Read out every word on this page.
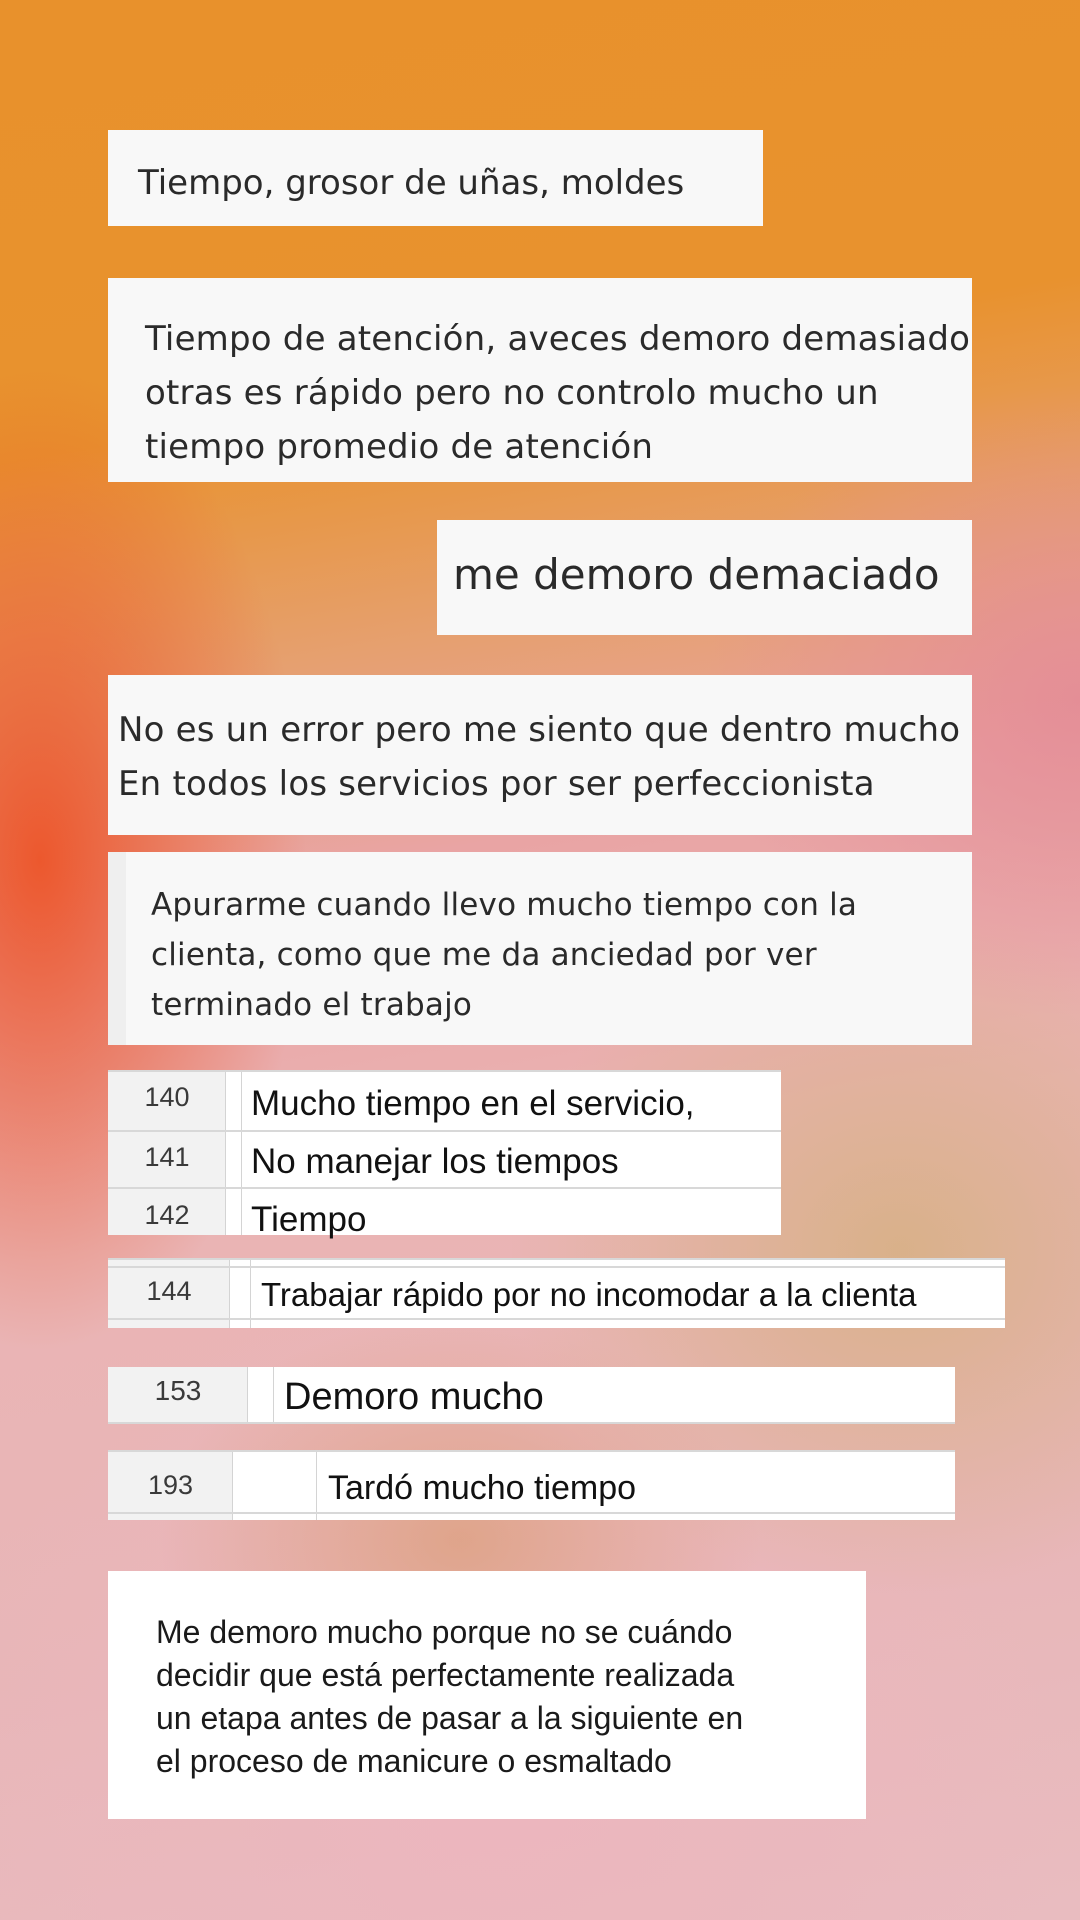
Tiempo, grosor de uñas, moldes
Tiempo de atención, aveces demoro demasiado
otras es rápido pero no controlo mucho un
tiempo promedio de atención
me demoro demaciado
No es un error pero me siento que dentro mucho
En todos los servicios por ser perfeccionista
Apurarme cuando llevo mucho tiempo con la
clienta, como que me da anciedad por ver
terminado el trabajo
140	Mucho tiempo en el servicio,
141	No manejar los tiempos
142	Tiempo
144	Trabajar rápido por no incomodar a la clienta
153	Demoro mucho
193	Tardó mucho tiempo
Me demoro mucho porque no se cuándo
decidir que está perfectamente realizada
un etapa antes de pasar a la siguiente en
el proceso de manicure o esmaltado
